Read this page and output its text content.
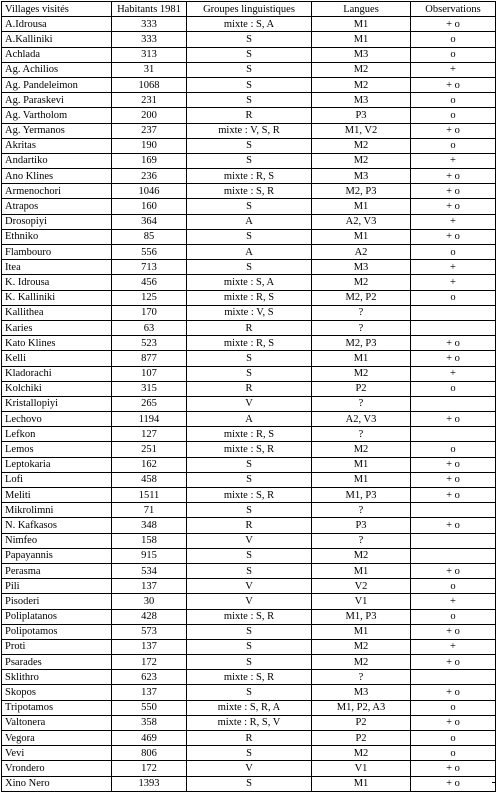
Villages visités	Habitants 1981	Groupes linguistiques	Langues	Observations
A.Idrousa	333	mixte : S, A	M1	+ o
A.Kalliniki	333	S	M1	o
Achlada	313	S	M3	o
Ag. Achilios	31	S	M2	+
Ag. Pandeleimon	1068	S	M2	+ o
Ag. Paraskevi	231	S	M3	o
Ag. Vartholom	200	R	P3	o
Ag. Yermanos	237	mixte : V, S, R	M1, V2	+ o
Akritas	190	S	M2	o
Andartiko	169	S	M2	+
Ano Klines	236	mixte : R, S	M3	+ o
Armenochori	1046	mixte : S, R	M2, P3	+ o
Atrapos	160	S	M1	+ o
Drosopiyi	364	A	A2, V3	+
Ethniko	85	S	M1	+ o
Flambouro	556	A	A2	o
Itea	713	S	M3	+
K. Idrousa	456	mixte : S, A	M2	+
K. Kalliniki	125	mixte : R, S	M2, P2	o
Kallithea	170	mixte : V, S	?	
Karies	63	R	?	
Kato Klines	523	mixte : R, S	M2, P3	+ o
Kelli	877	S	M1	+ o
Kladorachi	107	S	M2	+
Kolchiki	315	R	P2	o
Kristallopiyi	265	V	?	
Lechovo	1194	A	A2, V3	+ o
Lefkon	127	mixte : R, S	?	
Lemos	251	mixte : S, R	M2	o
Leptokaria	162	S	M1	+ o
Lofi	458	S	M1	+ o
Meliti	1511	mixte : S, R	M1, P3	+ o
Mikrolimni	71	S	?	
N. Kafkasos	348	R	P3	+ o
Nimfeo	158	V	?	
Papayannis	915	S	M2	
Perasma	534	S	M1	+ o
Pili	137	V	V2	o
Pisoderi	30	V	V1	+
Poliplatanos	428	mixte : S, R	M1, P3	o
Polipotamos	573	S	M1	+ o
Proti	137	S	M2	+
Psarades	172	S	M2	+ o
Sklithro	623	mixte : S, R	?	
Skopos	137	S	M3	+ o
Tripotamos	550	mixte : S, R, A	M1, P2, A3	o
Valtonera	358	mixte : R, S, V	P2	+ o
Vegora	469	R	P2	o
Vevi	806	S	M2	o
Vrondero	172	V	V1	+ o
Xino Nero	1393	S	M1	+ o
